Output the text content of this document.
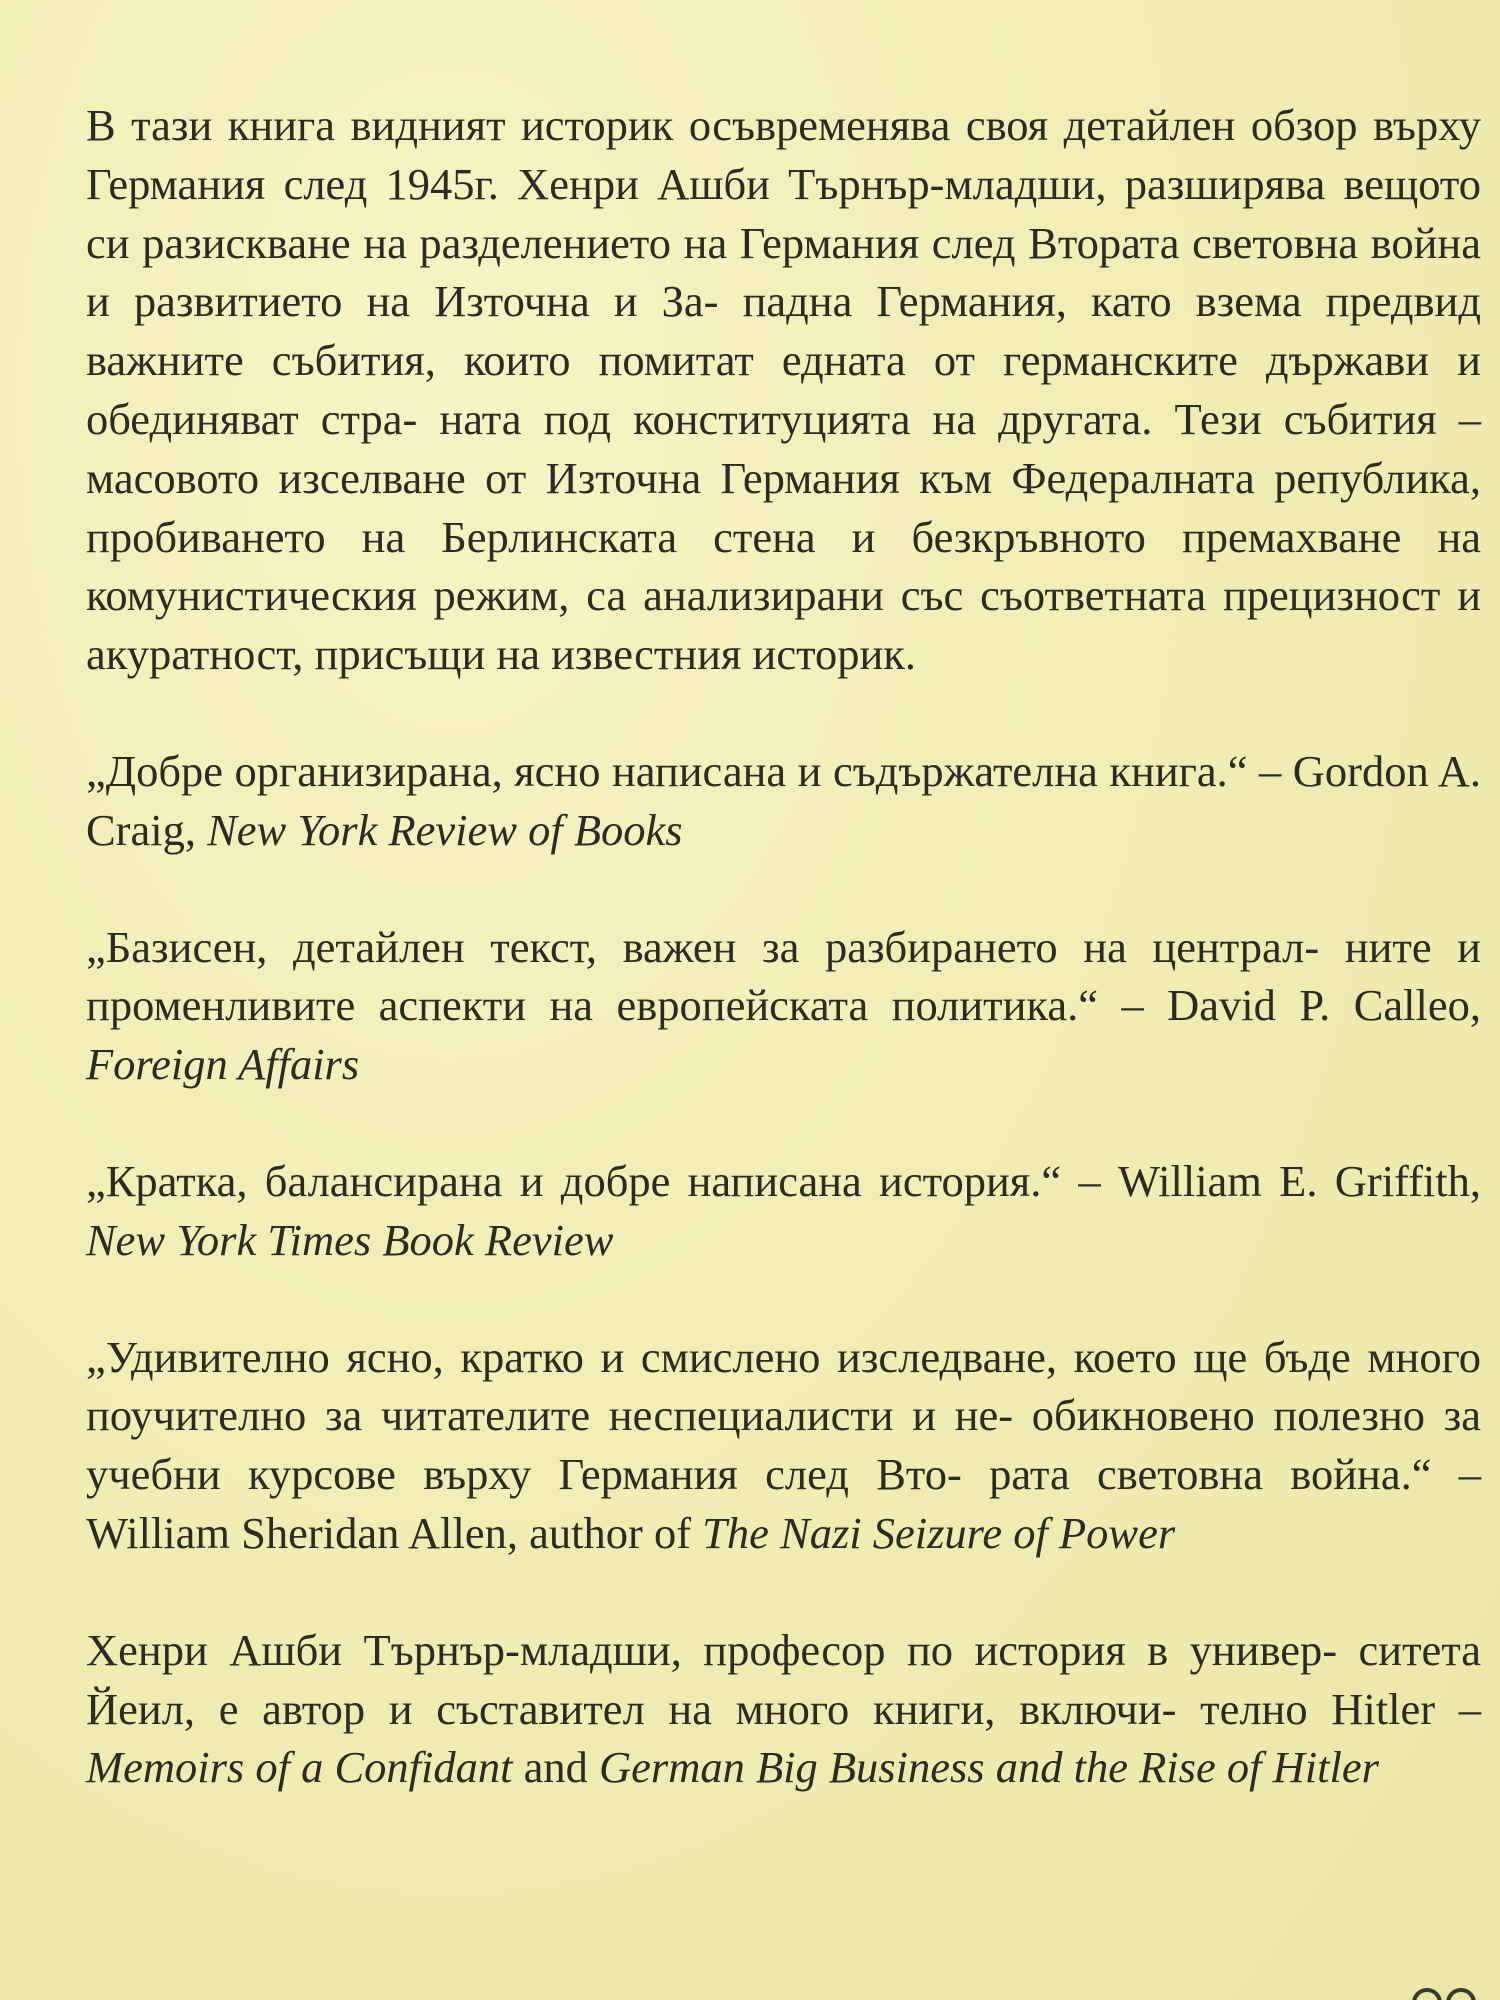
В тази книга видният историк осъвременява своя детайлен обзор върху Германия след 1945г. Хенри Ашби Търнър-младши, разширява вещото си разискване на разделението на Германия след Втората световна война и развитието на Източна и За- падна Германия, като взема предвид важните събития, които помитат едната от германските държави и обединяват стра- ната под конституцията на другата. Тези събития – масовото изселване от Източна Германия към Федералната република, пробиването на Берлинската стена и безкръвното премахване на комунистическия режим, са анализирани със съответната прецизност и акуратност, присъщи на известния историк.

„Добре организирана, ясно написана и съдържателна книга.“ – Gordon A. Craig, New York Review of Books

„Базисен, детайлен текст, важен за разбирането на централ- ните и променливите аспекти на европейската политика.“ – David P. Calleo, Foreign Affairs

„Кратка, балансирана и добре написана история.“ – William E. Griffith, New York Times Book Review

„Удивително ясно, кратко и смислено изследване, което ще бъде много поучително за читателите неспециалисти и не- обикновено полезно за учебни курсове върху Германия след Вто- рата световна война.“ – William Sheridan Allen, author of The Nazi Seizure of Power

Хенри Ашби Търнър-младши, професор по история в универ- ситета Йеил, е автор и съставител на много книги, включи- телно Hitler – Memoirs of a Confidant and German Big Business and the Rise of Hitler
